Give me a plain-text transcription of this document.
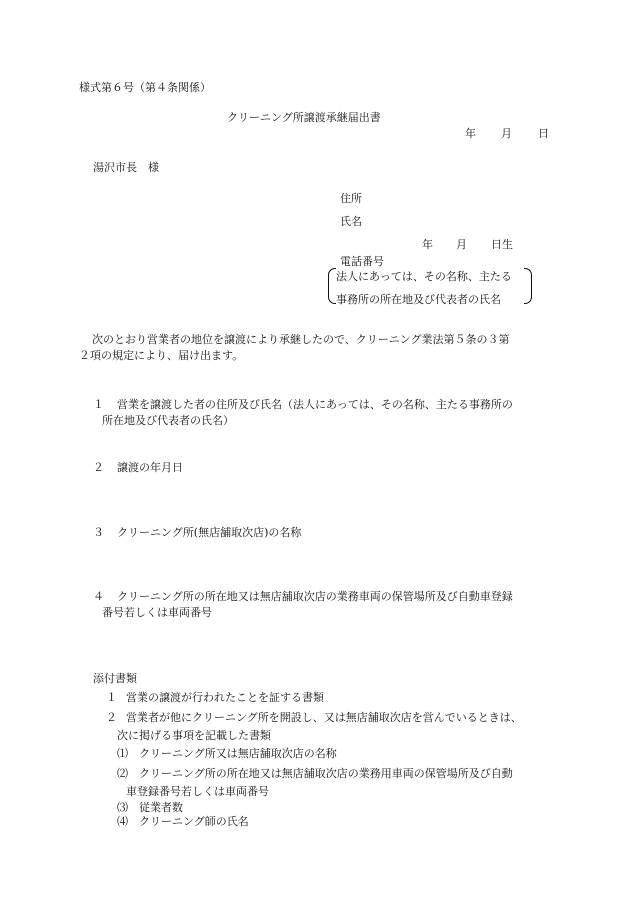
様式第６号（第４条関係）
クリーニング所譲渡承継届出書
年 月 日
湯沢市長　様
住所
氏名
年 月 日生
電話番号
法人にあっては、その名称、主たる
事務所の所在地及び代表者の氏名
次のとおり営業者の地位を譲渡により承継したので、クリーニング業法第５条の３第
２項の規定により、届け出ます。
１ 営業を譲渡した者の住所及び氏名（法人にあっては、その名称、主たる事務所の
所在地及び代表者の氏名）
２ 譲渡の年月日
３ クリーニング所(無店舗取次店)の名称
４ クリーニング所の所在地又は無店舗取次店の業務車両の保管場所及び自動車登録
番号若しくは車両番号
添付書類
１ 営業の譲渡が行われたことを証する書類
２ 営業者が他にクリーニング所を開設し、又は無店舗取次店を営んでいるときは、
次に掲げる事項を記載した書類
⑴ クリーニング所又は無店舗取次店の名称
⑵ クリーニング所の所在地又は無店舗取次店の業務用車両の保管場所及び自動
車登録番号若しくは車両番号
⑶ 従業者数
⑷ クリーニング師の氏名
